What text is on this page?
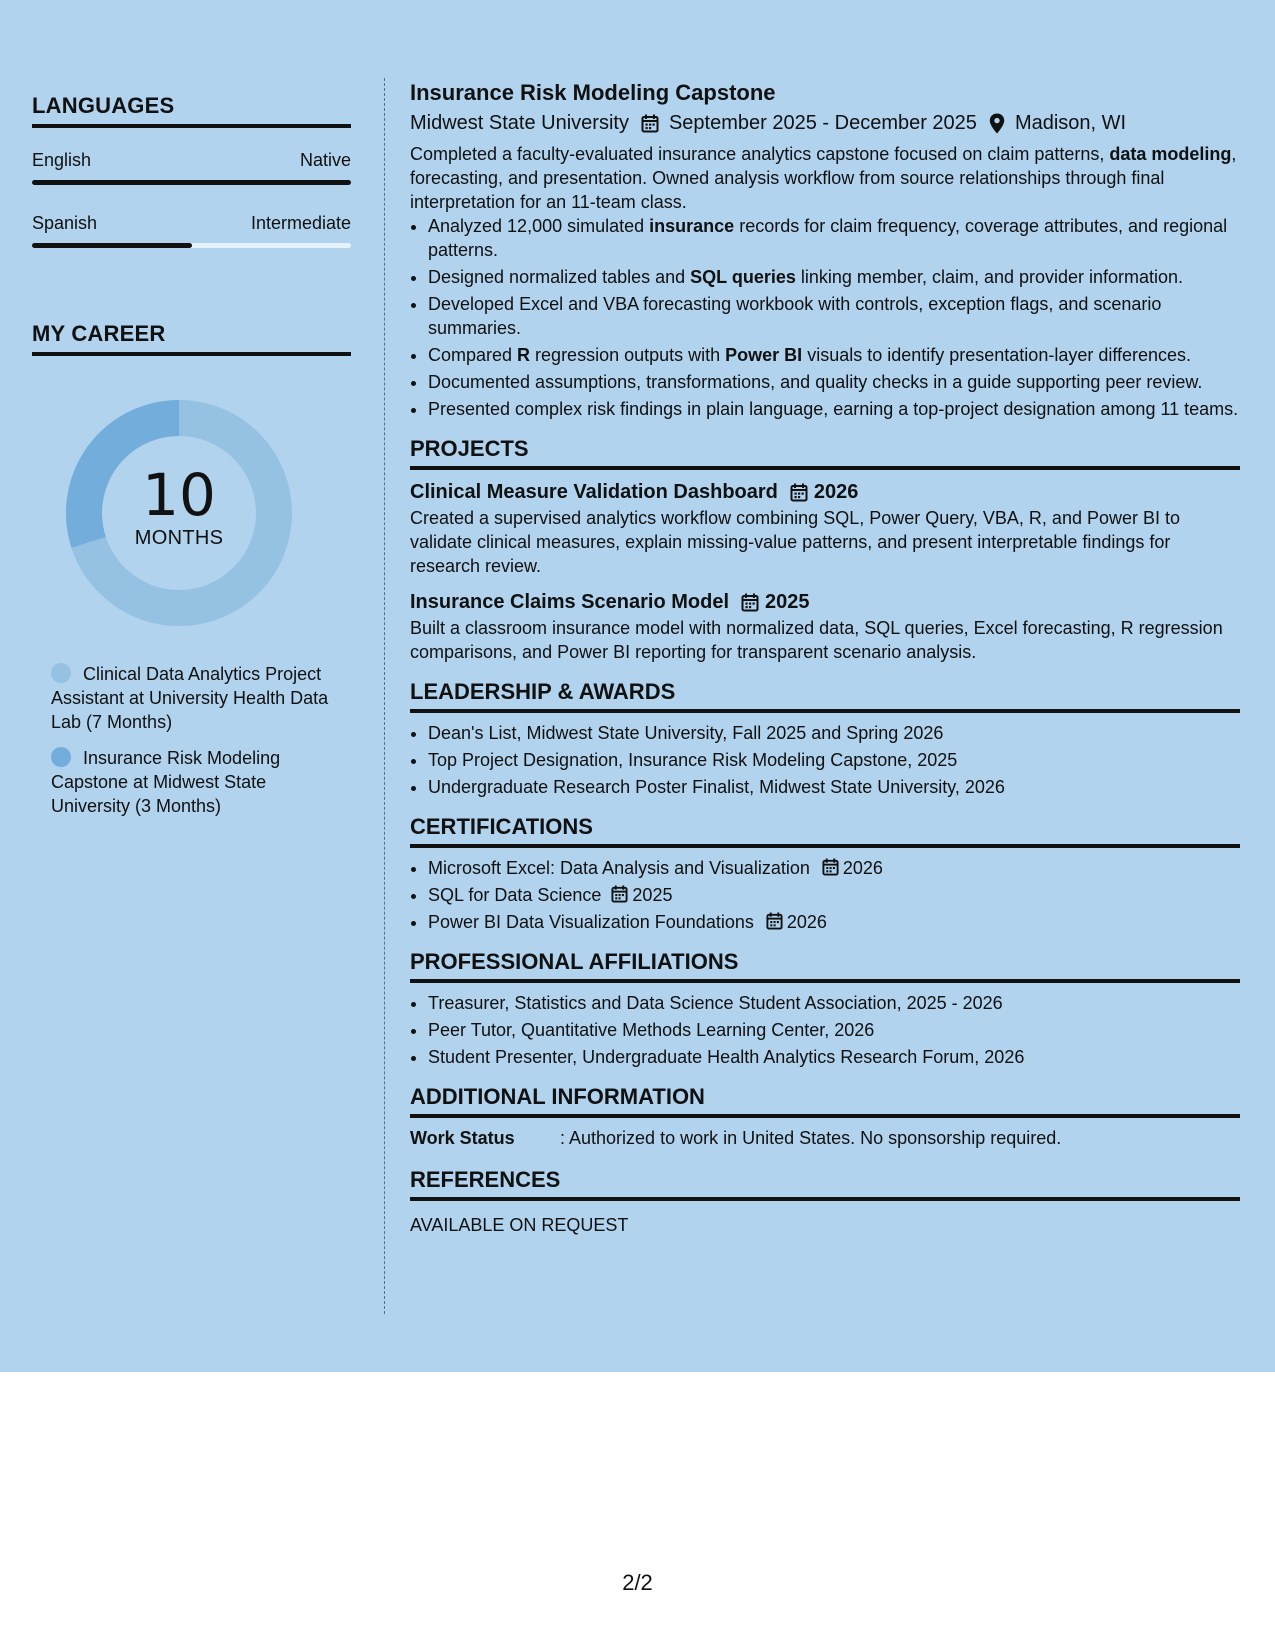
LANGUAGES
English	Native
Spanish	Intermediate
MY CAREER
10
MONTHS
Clinical Data Analytics Project Assistant at University Health Data Lab (7 Months)
Insurance Risk Modeling Capstone at Midwest State University (3 Months)
Insurance Risk Modeling Capstone
Midwest State University September 2025 - December 2025 Madison, WI

Completed a faculty-evaluated insurance analytics capstone focused on claim patterns, data modeling, forecasting, and presentation. Owned analysis workflow from source relationships through final interpretation for an 11-team class.

• Analyzed 12,000 simulated insurance records for claim frequency, coverage attributes, and regional patterns.
• Designed normalized tables and SQL queries linking member, claim, and provider information.
• Developed Excel and VBA forecasting workbook with controls, exception flags, and scenario summaries.
• Compared R regression outputs with Power BI visuals to identify presentation-layer differences.
• Documented assumptions, transformations, and quality checks in a guide supporting peer review.
• Presented complex risk findings in plain language, earning a top-project designation among 11 teams.
PROJECTS
Clinical Measure Validation Dashboard 2026

Created a supervised analytics workflow combining SQL, Power Query, VBA, R, and Power BI to validate clinical measures, explain missing-value patterns, and present interpretable findings for research review.

Insurance Claims Scenario Model 2025

Built a classroom insurance model with normalized data, SQL queries, Excel forecasting, R regression comparisons, and Power BI reporting for transparent scenario analysis.

LEADERSHIP & AWARDS
• Dean's List, Midwest State University, Fall 2025 and Spring 2026
• Top Project Designation, Insurance Risk Modeling Capstone, 2025
• Undergraduate Research Poster Finalist, Midwest State University, 2026
CERTIFICATIONS
• Microsoft Excel: Data Analysis and Visualization 2026
• SQL for Data Science 2025
• Power BI Data Visualization Foundations 2026
PROFESSIONAL AFFILIATIONS
• Treasurer, Statistics and Data Science Student Association, 2025 - 2026
• Peer Tutor, Quantitative Methods Learning Center, 2026
• Student Presenter, Undergraduate Health Analytics Research Forum, 2026
ADDITIONAL INFORMATION
Work Status	: Authorized to work in United States. No sponsorship required.
REFERENCES
AVAILABLE ON REQUEST
2/2
